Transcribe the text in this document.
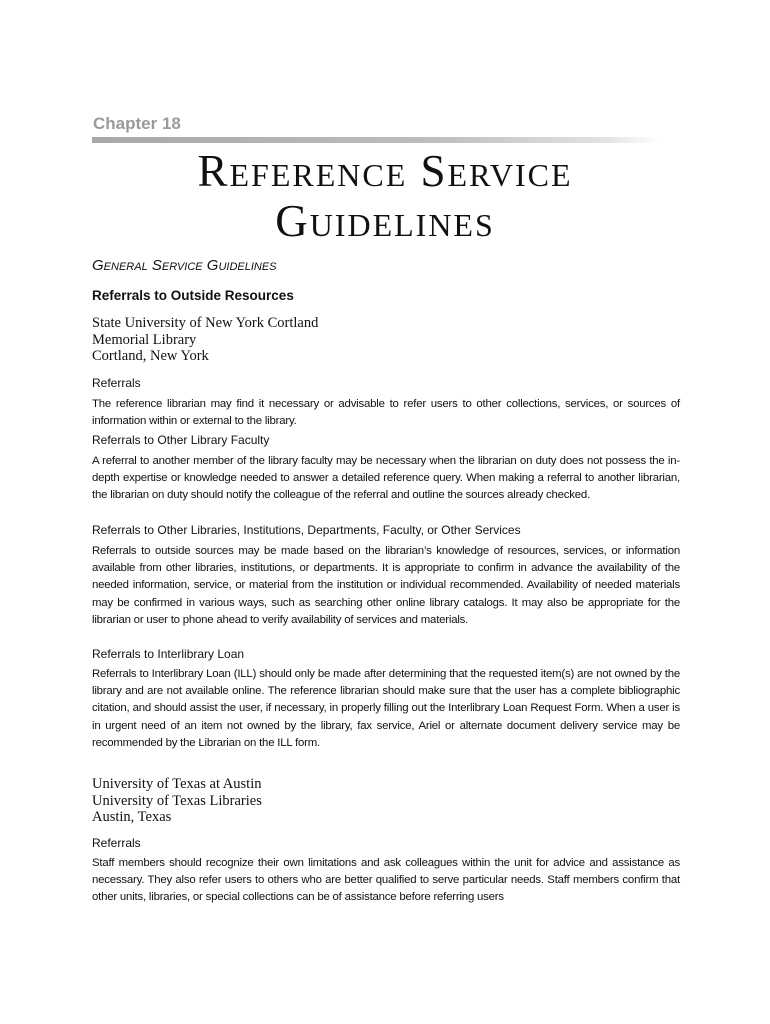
Chapter 18
Reference Service
Guidelines
General Service Guidelines
Referrals to Outside Resources
State University of New York Cortland
Memorial Library
Cortland, New York
Referrals

The reference librarian may find it necessary or advisable to refer users to other collections, services, or sources of information within or external to the library.

Referrals to Other Library Faculty

A referral to another member of the library faculty may be necessary when the librarian on duty does not possess the in-depth expertise or knowledge needed to answer a detailed reference query. When making a referral to another librarian, the librarian on duty should notify the colleague of the referral and outline the sources already checked.

Referrals to Other Libraries, Institutions, Departments, Faculty, or Other Services

Referrals to outside sources may be made based on the librarian’s knowledge of resources, services, or information available from other libraries, institutions, or departments. It is appropriate to confirm in advance the availability of the needed information, service, or material from the institution or individual recommended. Availability of needed materials may be confirmed in various ways, such as searching other online library catalogs. It may also be appropriate for the librarian or user to phone ahead to verify availability of services and materials.

Referrals to Interlibrary Loan

Referrals to Interlibrary Loan (ILL) should only be made after determining that the requested item(s) are not owned by the library and are not available online. The reference librarian should make sure that the user has a complete bibliographic citation, and should assist the user, if necessary, in properly filling out the Interlibrary Loan Request Form. When a user is in urgent need of an item not owned by the library, fax service, Ariel or alternate document delivery service may be recommended by the Librarian on the ILL form.

University of Texas at Austin
University of Texas Libraries
Austin, Texas
Referrals

Staff members should recognize their own limitations and ask colleagues within the unit for advice and assistance as necessary. They also refer users to others who are better qualified to serve particular needs. Staff members confirm that other units, libraries, or special collections can be of assistance before referring users
